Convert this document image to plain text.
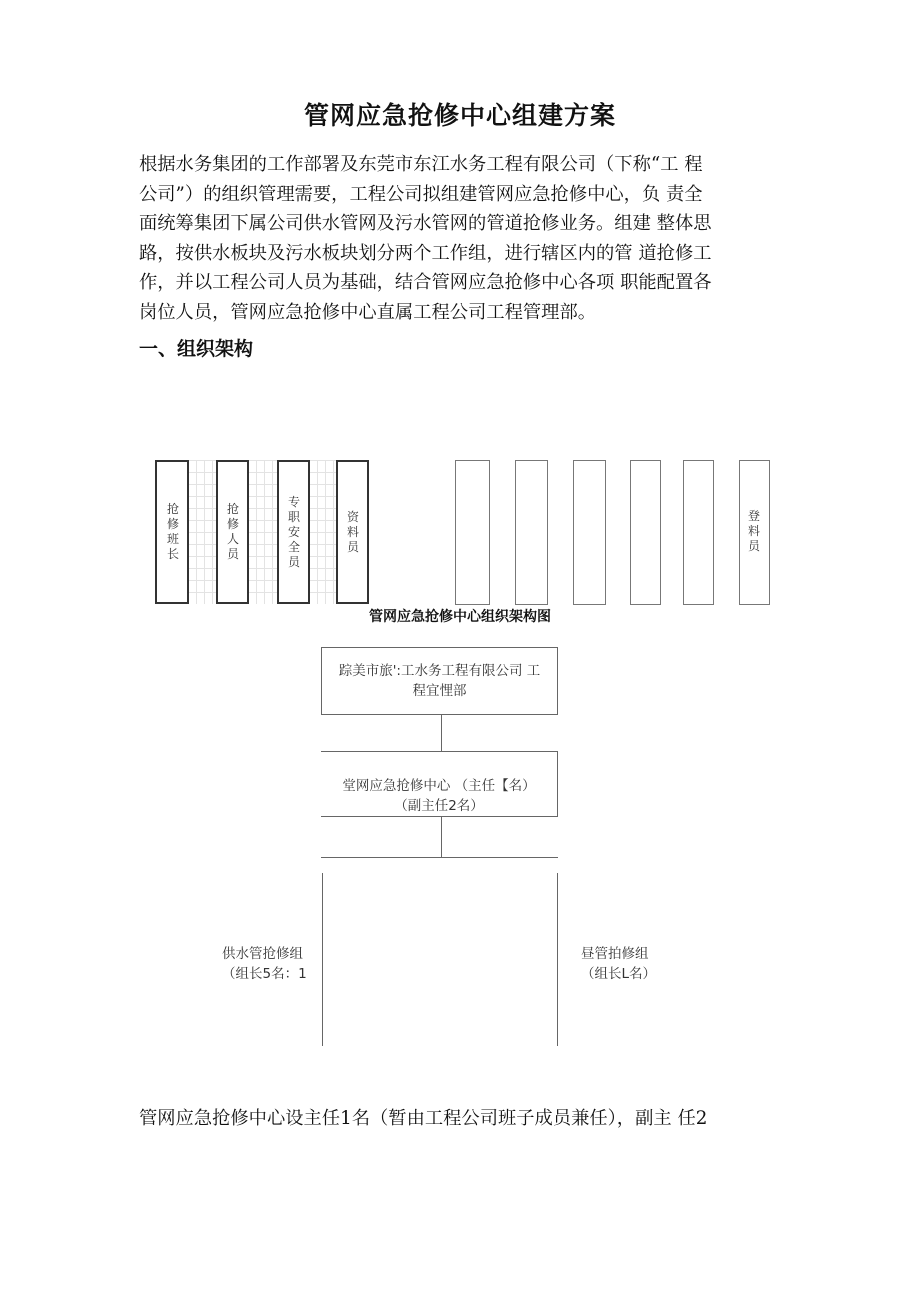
管网应急抢修中心组建方案
根据水务集团的工作部署及东莞市东江水务工程有限公司（下称“工 程
公司”）的组织管理需要，工程公司拟组建管网应急抢修中心，负 责全
面统筹集团下属公司供水管网及污水管网的管道抢修业务。组建 整体思
路，按供水板块及污水板块划分两个工作组，进行辖区内的管 道抢修工
作，并以工程公司人员为基础，结合管网应急抢修中心各项 职能配置各
岗位人员，管网应急抢修中心直属工程公司工程管理部。
一、组织架构
抢修班长
抢修人员
专职安全员
资料员
登料员
管网应急抢修中心组织架构图
踪美市旅':工水务工程有限公司 工
程宜悝部
堂网应急抢修中心 （主任【名）
（副主任2名）
供水管抢修组
（组长5名：1
昼管拍修组
（组长L名）
管网应急抢修中心设主任1名（暂由工程公司班子成员兼任），副主 任2
